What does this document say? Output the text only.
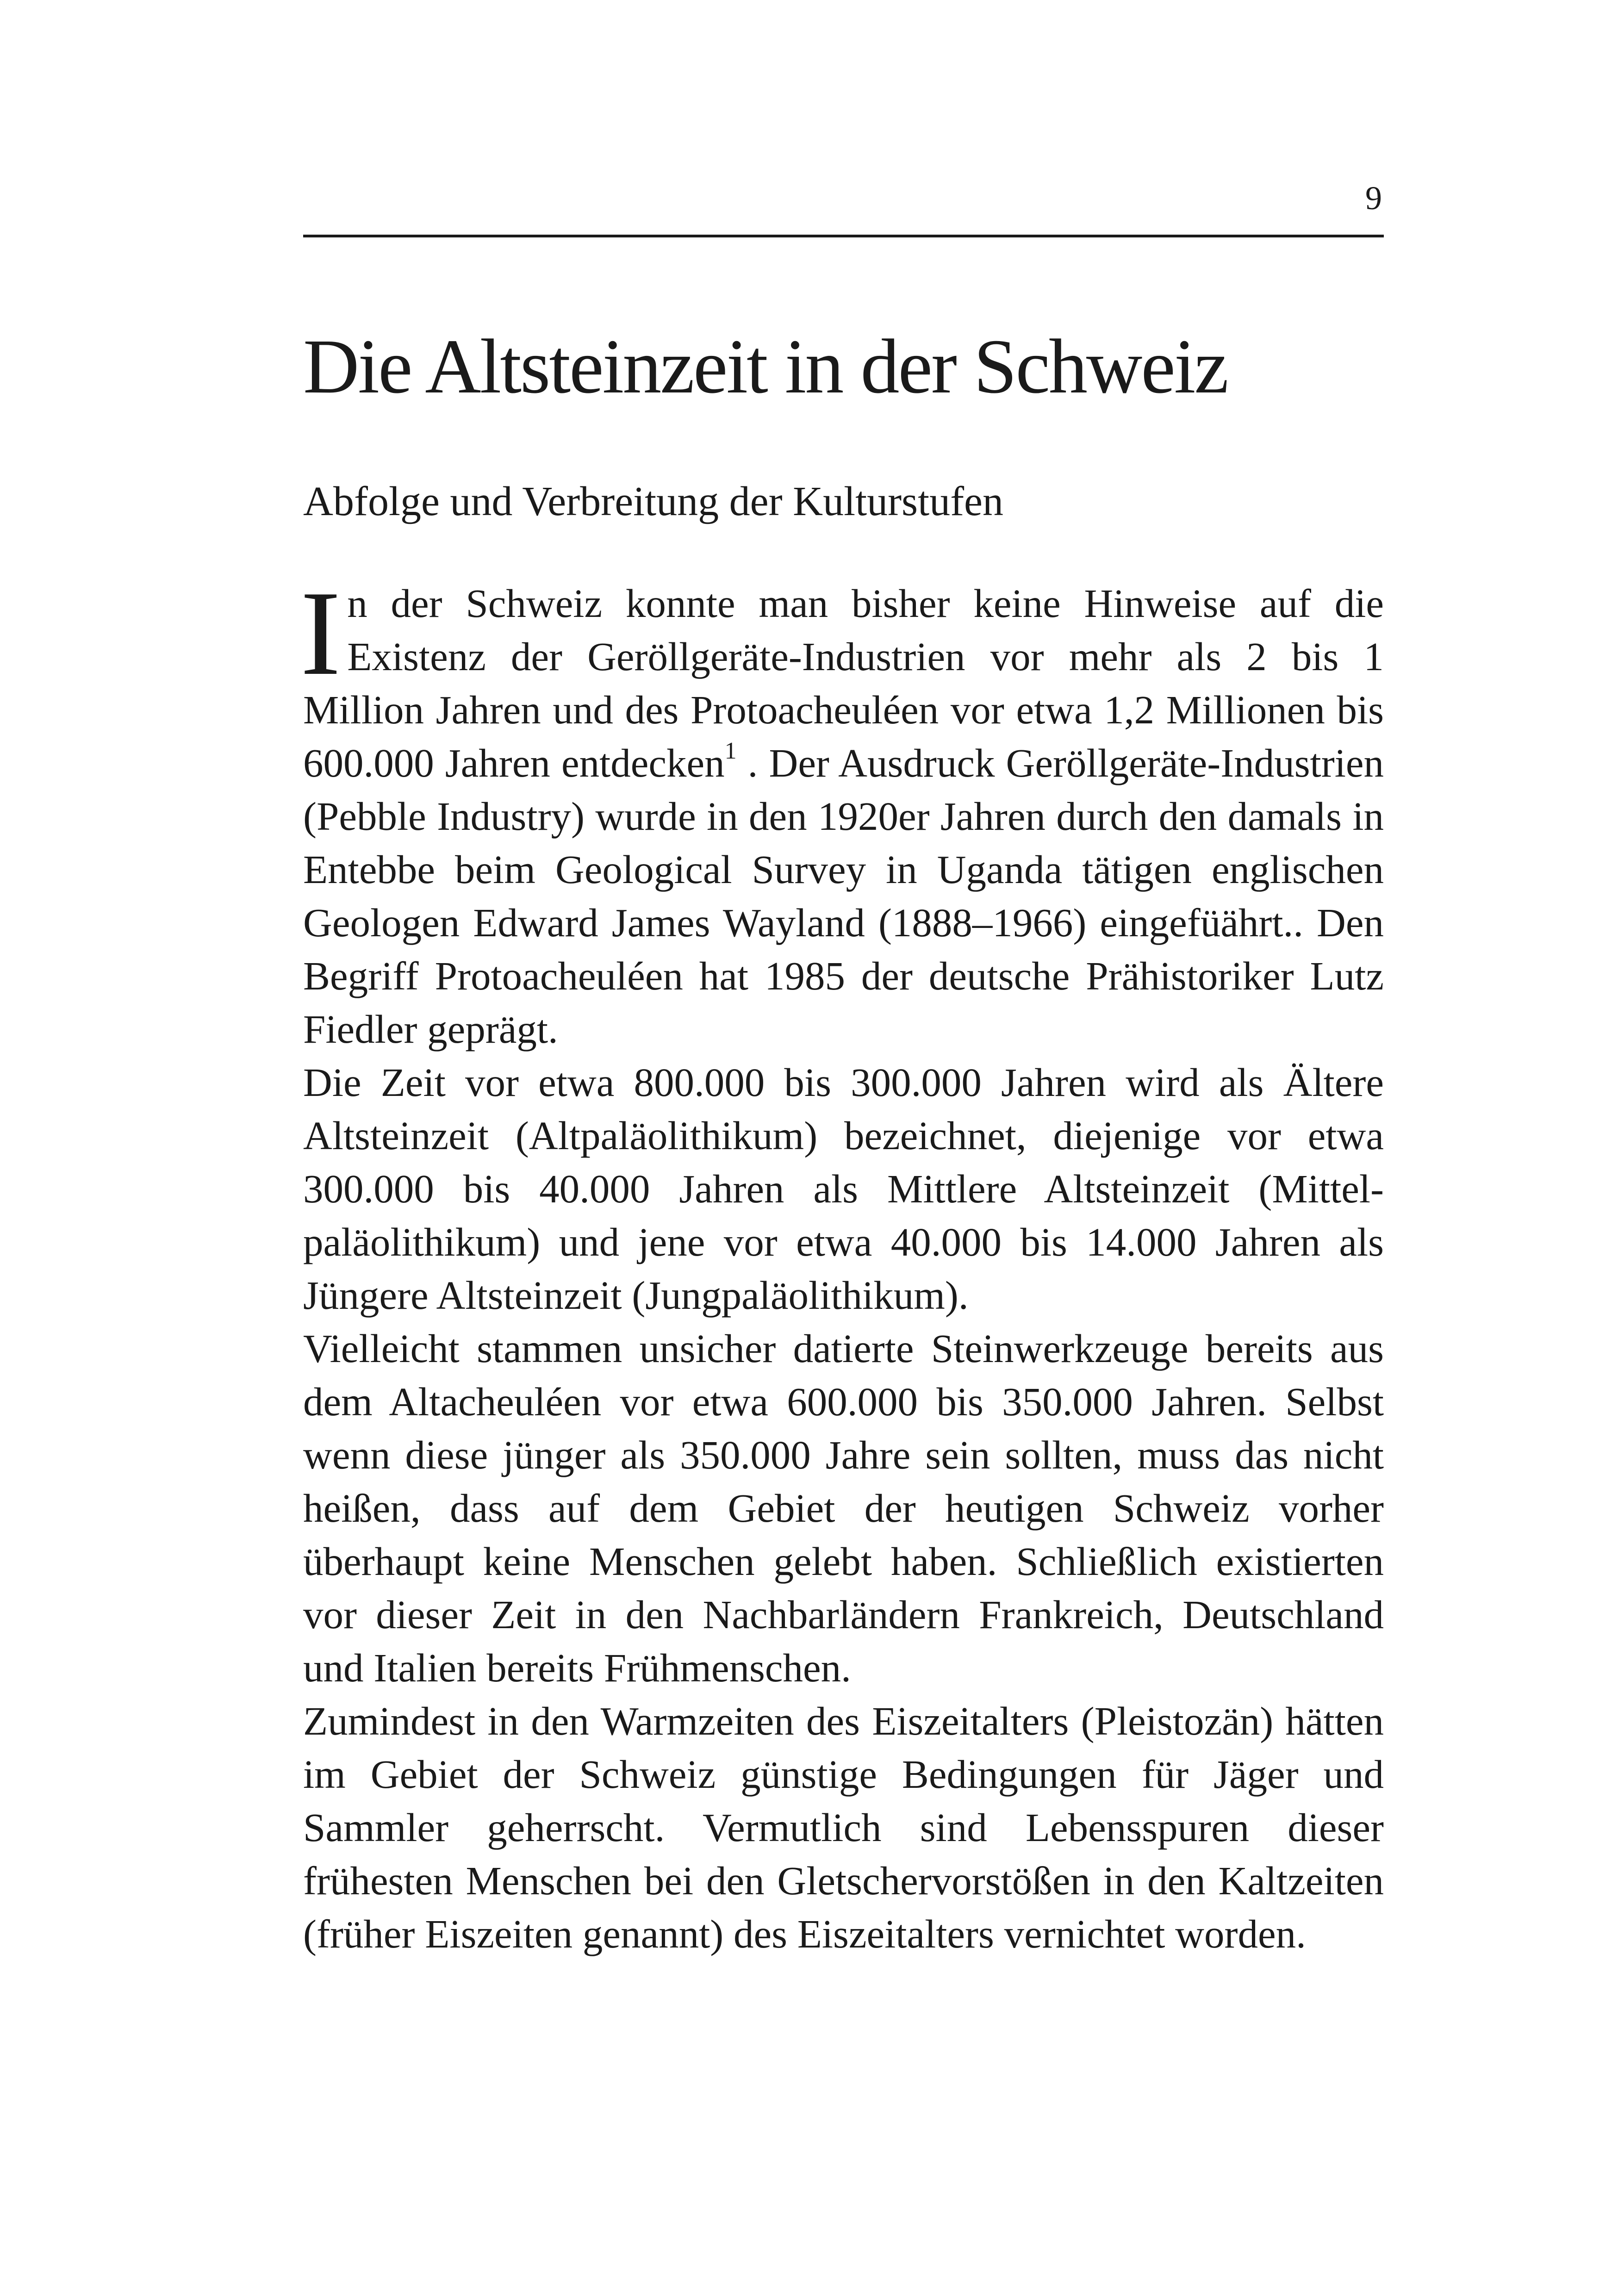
9
Die Altsteinzeit in der Schweiz
Abfolge und Verbreitung der Kulturstufen

In der Schweiz konnte man bisher keine Hinweise auf die Existenz der Geröllgeräte-Industrien vor mehr als 2 bis 1 Million Jahren und des Protoacheuléen vor etwa 1,2 Millionen bis 600.000 Jahren entdecken$^1$ . Der Ausdruck Geröllgeräte-Industrien (Pebble Industry) wurde in den 1920er Jahren durch den damals in Entebbe beim Geological Survey in Uganda tätigen englischen Geologen Edward James Wayland (1888–1966) eingefüährt.. Den Begriff Protoacheuléen hat 1985 der deutsche Prähistoriker Lutz Fiedler geprägt.

Die Zeit vor etwa 800.000 bis 300.000 Jahren wird als Ältere Altsteinzeit (Altpaläolithikum) bezeichnet, diejenige vor etwa 300.000 bis 40.000 Jahren als Mittlere Altsteinzeit (Mittelpaläolithikum) und jene vor etwa 40.000 bis 14.000 Jahren als Jüngere Altsteinzeit (Jungpaläolithikum).

Vielleicht stammen unsicher datierte Steinwerkzeuge bereits aus dem Altacheuléen vor etwa 600.000 bis 350.000 Jahren. Selbst wenn diese jünger als 350.000 Jahre sein sollten, muss das nicht heißen, dass auf dem Gebiet der heutigen Schweiz vorher überhaupt keine Menschen gelebt haben. Schließlich existierten vor dieser Zeit in den Nachbarländern Frankreich, Deutschland und Italien bereits Frühmenschen.

Zumindest in den Warmzeiten des Eiszeitalters (Pleistozän) hätten im Gebiet der Schweiz günstige Bedingungen für Jäger und Sammler geherrscht. Vermutlich sind Lebensspuren dieser frühesten Menschen bei den Gletschervorstößen in den Kaltzeiten (früher Eiszeiten genannt) des Eiszeitalters vernichtet worden.
